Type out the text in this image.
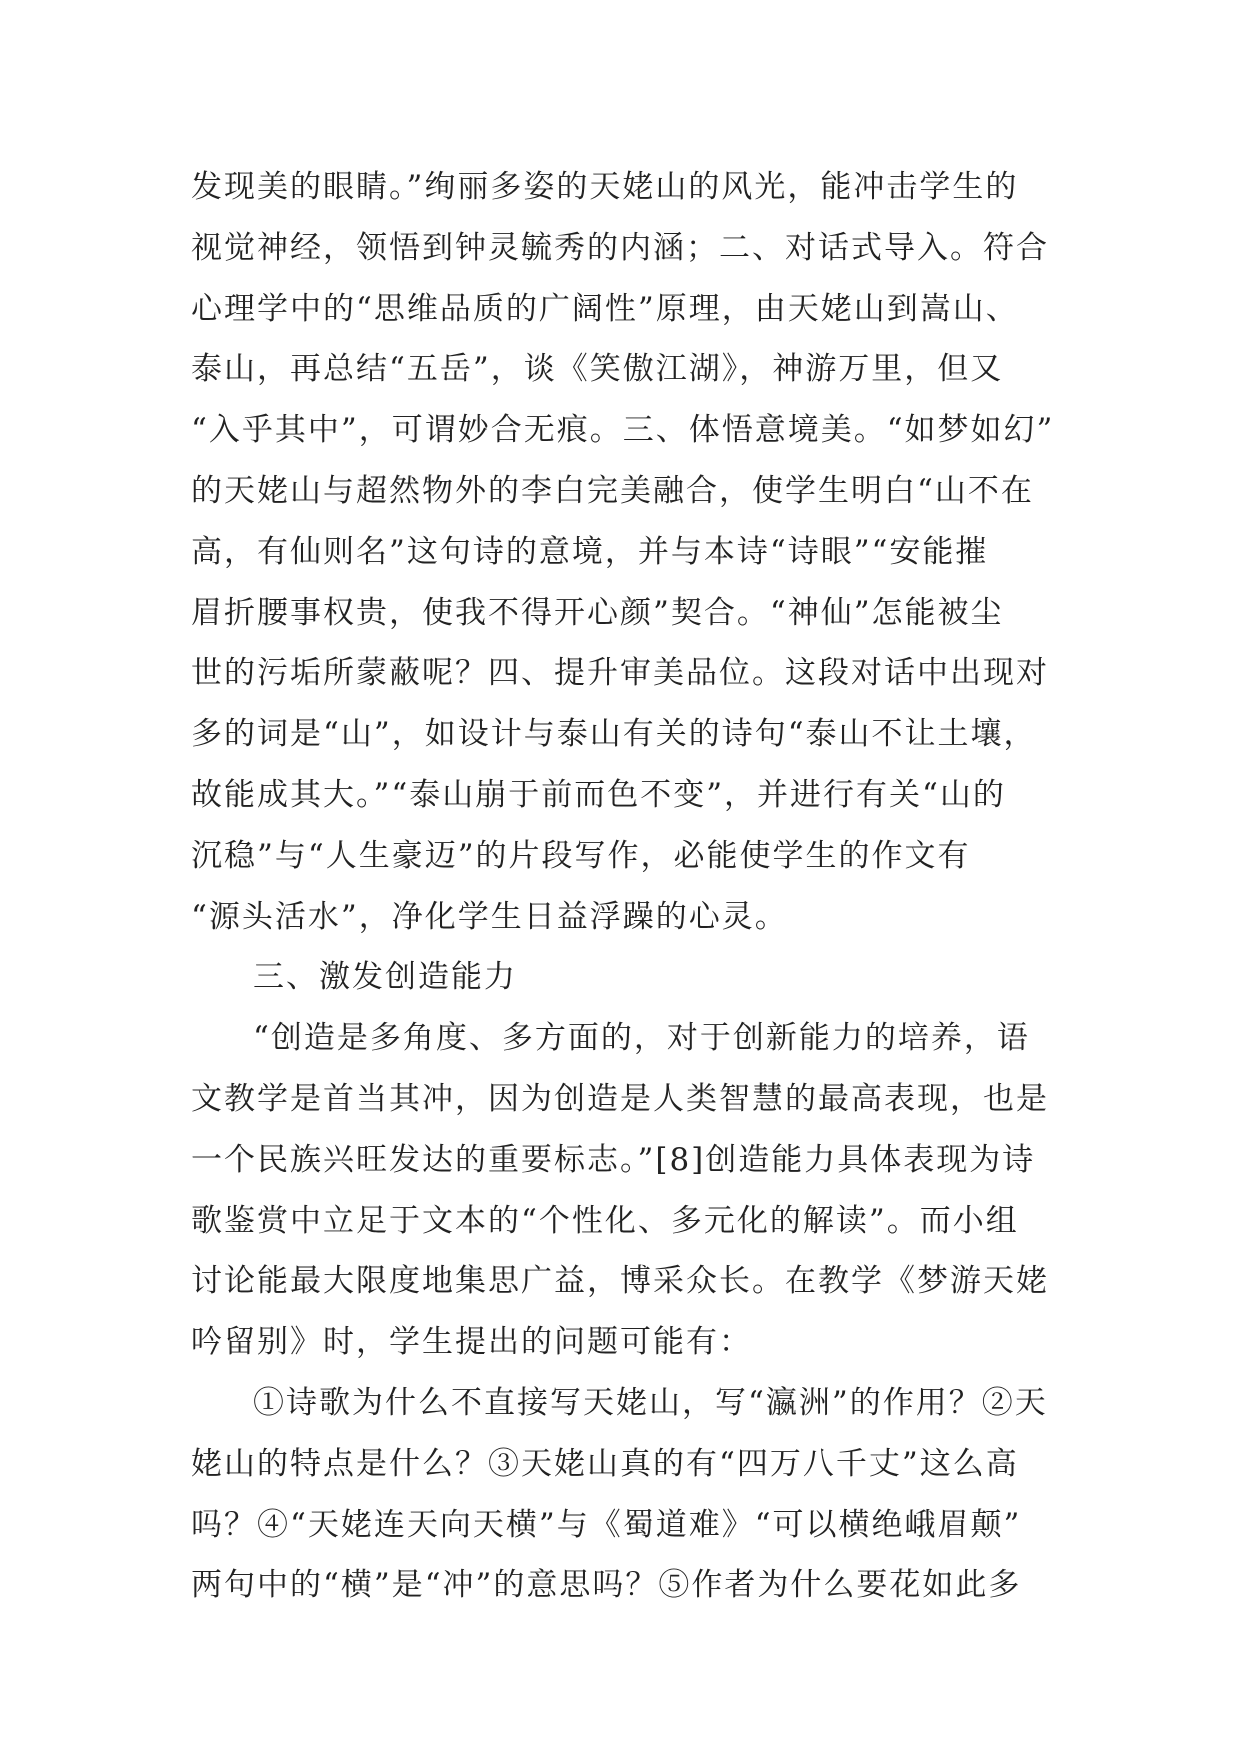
发现美的眼睛。”绚丽多姿的天姥山的风光，能冲击学生的
视觉神经，领悟到钟灵毓秀的内涵；二、对话式导入。符合
心理学中的“思维品质的广阔性”原理，由天姥山到嵩山、
泰山，再总结“五岳”，谈《笑傲江湖》，神游万里，但又
“入乎其中”，可谓妙合无痕。三、体悟意境美。“如梦如幻”
的天姥山与超然物外的李白完美融合，使学生明白“山不在
高，有仙则名”这句诗的意境，并与本诗“诗眼”“安能摧
眉折腰事权贵，使我不得开心颜”契合。“神仙”怎能被尘
世的污垢所蒙蔽呢？四、提升审美品位。这段对话中出现对
多的词是“山”，如设计与泰山有关的诗句“泰山不让土壤，
故能成其大。”“泰山崩于前而色不变”，并进行有关“山的
沉稳”与“人生豪迈”的片段写作，必能使学生的作文有
“源头活水”，净化学生日益浮躁的心灵。
三、激发创造能力
“创造是多角度、多方面的，对于创新能力的培养，语
文教学是首当其冲，因为创造是人类智慧的最高表现，也是
一个民族兴旺发达的重要标志。”[8]创造能力具体表现为诗
歌鉴赏中立足于文本的“个性化、多元化的解读”。而小组
讨论能最大限度地集思广益，博采众长。在教学《梦游天姥
吟留别》时，学生提出的问题可能有：
①诗歌为什么不直接写天姥山，写“瀛洲”的作用？②天
姥山的特点是什么？③天姥山真的有“四万八千丈”这么高
吗？④“天姥连天向天横”与《蜀道难》“可以横绝峨眉颠”
两句中的“横”是“冲”的意思吗？⑤作者为什么要花如此多
